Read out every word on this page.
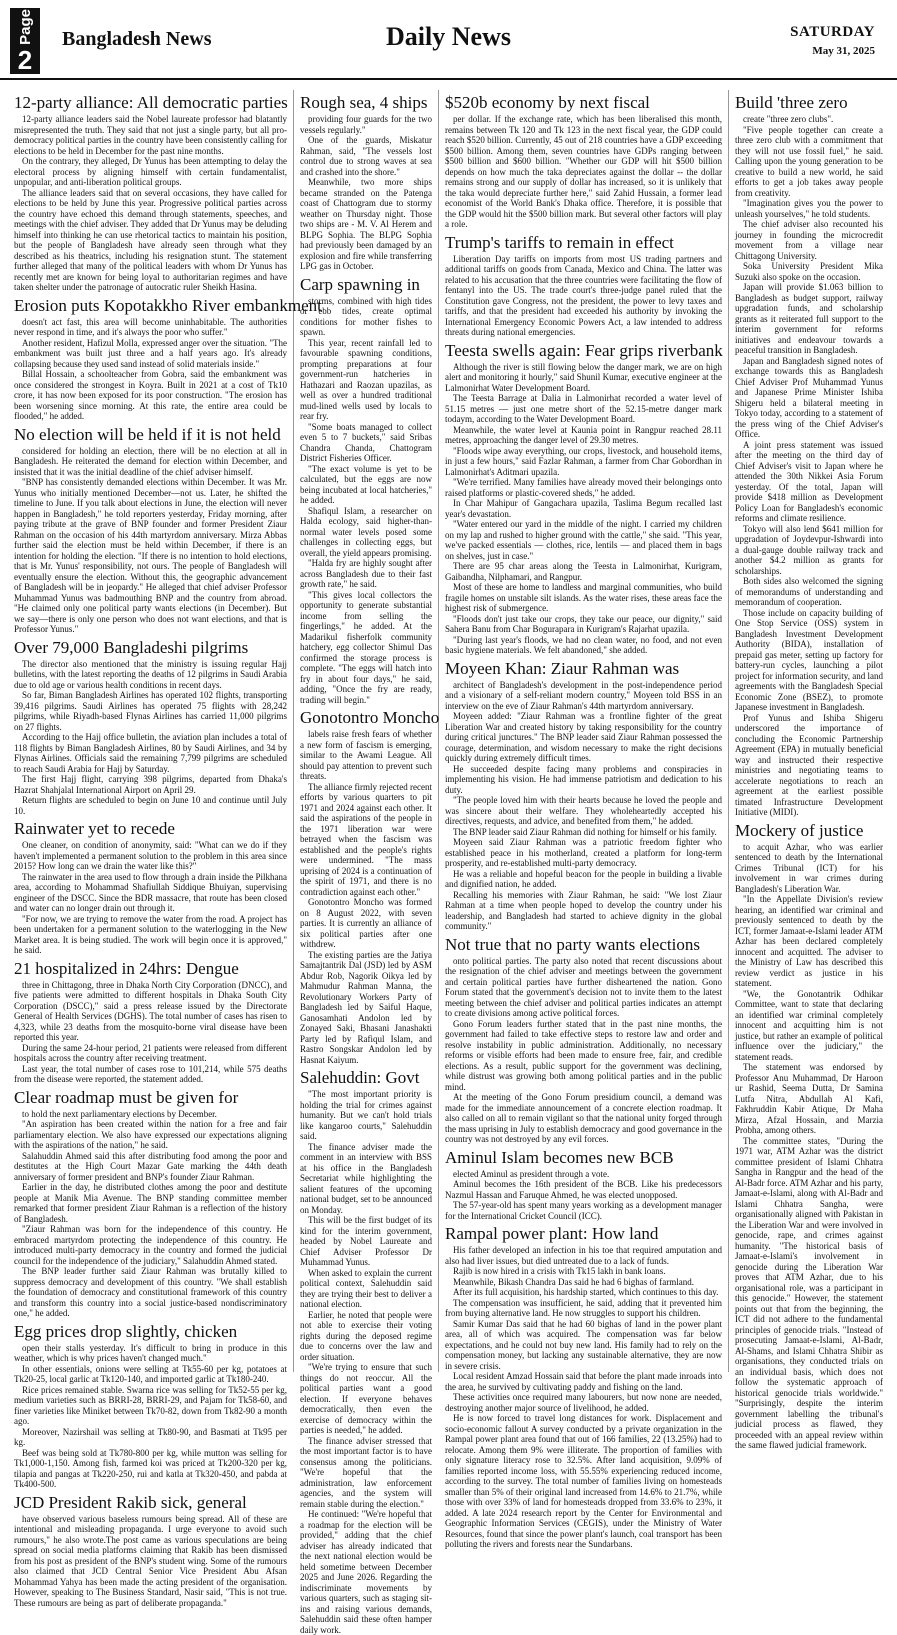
Page
2
Bangladesh News	Daily News	SATURDAY
May 31, 2025
12-party alliance: All democratic parties

12-party alliance leaders said the Nobel laureate professor had blatantly misrepresented the truth. They said that not just a single party, but all pro-democracy political parties in the country have been consistently calling for elections to be held in December for the past nine months.

On the contrary, they alleged, Dr Yunus has been attempting to delay the electoral process by aligning himself with certain fundamentalist, unpopular, and anti-liberation political groups.

The alliance leaders said that on several occasions, they have called for elections to be held by June this year. Progressive political parties across the country have echoed this demand through statements, speeches, and meetings with the chief adviser. They added that Dr Yunus may be deluding himself into thinking he can use rhetorical tactics to maintain his position, but the people of Bangladesh have already seen through what they described as his theatrics, including his resignation stunt. The statement further alleged that many of the political leaders with whom Dr Yunus has recently met are known for being loyal to authoritarian regimes and have taken shelter under the patronage of autocratic ruler Sheikh Hasina.

Erosion puts Kopotakkho River embankment

doesn't act fast, this area will become uninhabitable. The authorities never respond in time, and it's always the poor who suffer."

Another resident, Hafizul Molla, expressed anger over the situation. "The embankment was built just three and a half years ago. It's already collapsing because they used sand instead of solid materials inside."

Billal Hossain, a schoolteacher from Gobra, said the embankment was once considered the strongest in Koyra. Built in 2021 at a cost of Tk10 crore, it has now been exposed for its poor construction. "The erosion has been worsening since morning. At this rate, the entire area could be flooded," he added.

No election will be held if it is not held

considered for holding an election, there will be no election at all in Bangladesh. He reiterated the demand for election within December, and insisted that it was the initial deadline of the chief adviser himself.

"BNP has consistently demanded elections within December. It was Mr. Yunus who initially mentioned December—not us. Later, he shifted the timeline to June. If you talk about elections in June, the election will never happen in Bangladesh," he told reporters yesterday, Friday morning, after paying tribute at the grave of BNP founder and former President Ziaur Rahman on the occasion of his 44th martyrdom anniversary. Mirza Abbas further said the election must be held within December, if there is an intention for holding the election. "If there is no intention to hold elections, that is Mr. Yunus' responsibility, not ours. The people of Bangladesh will eventually ensure the election. Without this, the geographic advancement of Bangladesh will be in jeopardy." He alleged that chief adviser Professor Muhammad Yunus was badmouthing BNP and the country from abroad. "He claimed only one political party wants elections (in December). But we say—there is only one person who does not want elections, and that is Professor Yunus."

Over 79,000 Bangladeshi pilgrims

The director also mentioned that the ministry is issuing regular Hajj bulletins, with the latest reporting the deaths of 12 pilgrims in Saudi Arabia due to old age or various health conditions in recent days.

So far, Biman Bangladesh Airlines has operated 102 flights, transporting 39,416 pilgrims. Saudi Airlines has operated 75 flights with 28,242 pilgrims, while Riyadh-based Flynas Airlines has carried 11,000 pilgrims on 27 flights.

According to the Hajj office bulletin, the aviation plan includes a total of 118 flights by Biman Bangladesh Airlines, 80 by Saudi Airlines, and 34 by Flynas Airlines. Officials said the remaining 7,799 pilgrims are scheduled to reach Saudi Arabia for Hajj by Saturday.

The first Hajj flight, carrying 398 pilgrims, departed from Dhaka's Hazrat Shahjalal International Airport on April 29.

Return flights are scheduled to begin on June 10 and continue until July 10.

Rainwater yet to recede

One cleaner, on condition of anonymity, said: "What can we do if they haven't implemented a permanent solution to the problem in this area since 2015? How long can we drain the water like this?"

The rainwater in the area used to flow through a drain inside the Pilkhana area, according to Mohammad Shafiullah Siddique Bhuiyan, supervising engineer of the DSCC. Since the BDR massacre, that route has been closed and water can no longer drain out through it.

"For now, we are trying to remove the water from the road. A project has been undertaken for a permanent solution to the waterlogging in the New Market area. It is being studied. The work will begin once it is approved," he said.

21 hospitalized in 24hrs: Dengue

three in Chittagong, three in Dhaka North City Corporation (DNCC), and five patients were admitted to different hospitals in Dhaka South City Corporation (DSCC)," said a press release issued by the Directorate General of Health Services (DGHS). The total number of cases has risen to 4,323, while 23 deaths from the mosquito-borne viral disease have been reported this year.

During the same 24-hour period, 21 patients were released from different hospitals across the country after receiving treatment.

Last year, the total number of cases rose to 101,214, while 575 deaths from the disease were reported, the statement added.

Clear roadmap must be given for

to hold the next parliamentary elections by December.

"An aspiration has been created within the nation for a free and fair parliamentary election. We also have expressed our expectations aligning with the aspirations of the nation," he said.

Salahuddin Ahmed said this after distributing food among the poor and destitutes at the High Court Mazar Gate marking the 44th death anniversary of former president and BNP's founder Ziaur Rahman.

Earlier in the day, he distributed clothes among the poor and destitute people at Manik Mia Avenue. The BNP standing committee member remarked that former president Ziaur Rahman is a reflection of the history of Bangladesh.

"Ziaur Rahman was born for the independence of this country. He embraced martyrdom protecting the independence of this country. He introduced multi-party democracy in the country and formed the judicial council for the independence of the judiciary," Salahuddin Ahmed stated.

The BNP leader further said Ziaur Rahman was brutally killed to suppress democracy and development of this country. "We shall establish the foundation of democracy and constitutional framework of this country and transform this country into a social justice-based nondiscriminatory one," he added.

Egg prices drop slightly, chicken

open their stalls yesterday. It's difficult to bring in produce in this weather, which is why prices haven't changed much."

In other essentials, onions were selling at Tk55-60 per kg, potatoes at Tk20-25, local garlic at Tk120-140, and imported garlic at Tk180-240.

Rice prices remained stable. Swarna rice was selling for Tk52-55 per kg, medium varieties such as BRRI-28, BRRI-29, and Pajam for Tk58-60, and finer varieties like Miniket between Tk70-82, down from Tk82-90 a month ago.

Moreover, Nazirshail was selling at Tk80-90, and Basmati at Tk95 per kg.

Beef was being sold at Tk780-800 per kg, while mutton was selling for Tk1,000-1,150. Among fish, farmed koi was priced at Tk200-320 per kg, tilapia and pangas at Tk220-250, rui and katla at Tk320-450, and pabda at Tk400-500.

JCD President Rakib sick, general

have observed various baseless rumours being spread. All of these are intentional and misleading propaganda. I urge everyone to avoid such rumours," he also wrote.The post came as various speculations are being spread on social media platforms claiming that Rakib has been dismissed from his post as president of the BNP's student wing. Some of the rumours also claimed that JCD Central Senior Vice President Abu Afsan Mohammad Yahya has been made the acting president of the organisation. However, speaking to The Business Standard, Nasir said, "This is not true. These rumours are being as part of deliberate propaganda."

Rough sea, 4 ships

providing four guards for the two vessels regularly."

One of the guards, Miskatur Rahman, said, "The vessels lost control due to strong waves at sea and crashed into the shore."

Meanwhile, two more ships became stranded on the Patenga coast of Chattogram due to stormy weather on Thursday night. Those two ships are - M. V. Al Herem and BLPG Sophia. The BLPG Sophia had previously been damaged by an explosion and fire while transferring LPG gas in October.

Carp spawning in

storms, combined with high tides or ebb tides, create optimal conditions for mother fishes to spawn.

This year, recent rainfall led to favourable spawning conditions, prompting preparations at four government-run hatcheries in Hathazari and Raozan upazilas, as well as over a hundred traditional mud-lined wells used by locals to rear fry.

"Some boats managed to collect even 5 to 7 buckets," said Sribas Chandra Chanda, Chattogram District Fisheries Officer.

"The exact volume is yet to be calculated, but the eggs are now being incubated at local hatcheries," he added.

Shafiqul Islam, a researcher on Halda ecology, said higher-than-normal water levels posed some challenges in collecting eggs, but overall, the yield appears promising.

"Halda fry are highly sought after across Bangladesh due to their fast growth rate," he said.

"This gives local collectors the opportunity to generate substantial income from selling the fingerlings," he added. At the Madarikul fisherfolk community hatchery, egg collector Shimul Das confirmed the storage process is complete. "The eggs will hatch into fry in about four days," he said, adding, "Once the fry are ready, trading will begin."

Gonotontro Moncho

labels raise fresh fears of whether a new form of fascism is emerging, similar to the Awami League. All should pay attention to prevent such threats.

The alliance firmly rejected recent efforts by various quarters to pit 1971 and 2024 against each other. It said the aspirations of the people in the 1971 liberation war were betrayed when the fascism was established and the people's rights were undermined. "The mass uprising of 2024 is a continuation of the spirit of 1971, and there is no contradiction against each other."

Gonotontro Moncho was formed on 8 August 2022, with seven parties. It is currently an alliance of six political parties after one withdrew.

The existing parties are the Jatiya Samajtantrik Dal (JSD) led by ASM Abdur Rob, Nagorik Oikya led by Mahmudur Rahman Manna, the Revolutionary Workers Party of Bangladesh led by Saiful Haque, Ganosamhati Andolon led by Zonayed Saki, Bhasani Janashakti Party led by Rafiqul Islam, and Rastro Songskar Andolon led by Hasnat Kaiyum.

Salehuddin: Govt

"The most important priority is holding the trial for crimes against humanity. But we can't hold trials like kangaroo courts," Salehuddin said.

The finance adviser made the comment in an interview with BSS at his office in the Bangladesh Secretariat while highlighting the salient features of the upcoming national budget, set to be announced on Monday.

This will be the first budget of its kind for the interim government, headed by Nobel Laureate and Chief Adviser Professor Dr Muhammad Yunus.

When asked to explain the current political context, Salehuddin said they are trying their best to deliver a national election.

Earlier, he noted that people were not able to exercise their voting rights during the deposed regime due to concerns over the law and order situation.

"We're trying to ensure that such things do not reoccur. All the political parties want a good election. If everyone behaves democratically, then even the exercise of democracy within the parties is needed," he added.

The finance adviser stressed that the most important factor is to have consensus among the politicians. "We're hopeful that the administration, law enforcement agencies, and the system will remain stable during the election."

He continued: "We're hopeful that a roadmap for the election will be provided," adding that the chief adviser has already indicated that the next national election would be held sometime between December 2025 and June 2026. Regarding the indiscriminate movements by various quarters, such as staging sit-ins and raising various demands, Salehuddin said these often hamper daily work.

$520b economy by next fiscal

per dollar. If the exchange rate, which has been liberalised this month, remains between Tk 120 and Tk 123 in the next fiscal year, the GDP could reach $520 billion. Currently, 45 out of 218 countries have a GDP exceeding $500 billion. Among them, seven countries have GDPs ranging between $500 billion and $600 billion. "Whether our GDP will hit $500 billion depends on how much the taka depreciates against the dollar -- the dollar remains strong and our supply of dollar has increased, so it is unlikely that the taka would depreciate further here," said Zahid Hussain, a former lead economist of the World Bank's Dhaka office. Therefore, it is possible that the GDP would hit the $500 billion mark. But several other factors will play a role.

Trump's tariffs to remain in effect

Liberation Day tariffs on imports from most US trading partners and additional tariffs on goods from Canada, Mexico and China. The latter was related to his accusation that the three countries were facilitating the flow of fentanyl into the US. The trade court's three-judge panel ruled that the Constitution gave Congress, not the president, the power to levy taxes and tariffs, and that the president had exceeded his authority by invoking the International Emergency Economic Powers Act, a law intended to address threats during national emergencies.

Teesta swells again: Fear grips riverbank

Although the river is still flowing below the danger mark, we are on high alert and monitoring it hourly," said Shunil Kumar, executive engineer at the Lalmonirhat Water Development Board.

The Teesta Barrage at Dalia in Lalmonirhat recorded a water level of 51.15 metres — just one metre short of the 52.15-metre danger mark todaym, according to the Water Development Board.

Meanwhile, the water level at Kaunia point in Rangpur reached 28.11 metres, approaching the danger level of 29.30 metres.

"Floods wipe away everything, our crops, livestock, and household items, in just a few hours," said Fazlar Rahman, a farmer from Char Gobordhan in Lalmonirhat's Aditmari upazila.

"We're terrified. Many families have already moved their belongings onto raised platforms or plastic-covered sheds," he added.

In Char Mahipur of Gangachara upazila, Taslima Begum recalled last year's devastation.

"Water entered our yard in the middle of the night. I carried my children on my lap and rushed to higher ground with the cattle," she said. "This year, we've packed essentials — clothes, rice, lentils — and placed them in bags on shelves, just in case."

There are 95 char areas along the Teesta in Lalmonirhat, Kurigram, Gaibandha, Nilphamari, and Rangpur.

Most of these are home to landless and marginal communities, who build fragile homes on unstable silt islands. As the water rises, these areas face the highest risk of submergence.

"Floods don't just take our crops, they take our peace, our dignity," said Sahera Banu from Char Bogurapara in Kurigram's Rajarhat upazila.

"During last year's floods, we had no clean water, no food, and not even basic hygiene materials. We felt abandoned," she added.

Moyeen Khan: Ziaur Rahman was

architect of Bangladesh's development in the post-independence period and a visionary of a self-reliant modern country," Moyeen told BSS in an interview on the eve of Ziaur Rahman's 44th martyrdom anniversary.

Moyeen added: "Ziaur Rahman was a frontline fighter of the great Liberation War and created history by taking responsibility for the country during critical junctures." The BNP leader said Ziaur Rahman possessed the courage, determination, and wisdom necessary to make the right decisions quickly during extremely difficult times.

He succeeded despite facing many problems and conspiracies in implementing his vision. He had immense patriotism and dedication to his duty.

"The people loved him with their hearts because he loved the people and was sincere about their welfare. They wholeheartedly accepted his directives, requests, and advice, and benefited from them," he added.

The BNP leader said Ziaur Rahman did nothing for himself or his family.

Moyeen said Ziaur Rahman was a patriotic freedom fighter who established peace in his motherland, created a platform for long-term prosperity, and re-established multi-party democracy.

He was a reliable and hopeful beacon for the people in building a livable and dignified nation, he added.

Recalling his memories with Ziaur Rahman, he said: "We lost Ziaur Rahman at a time when people hoped to develop the country under his leadership, and Bangladesh had started to achieve dignity in the global community."

Not true that no party wants elections

onto political parties. The party also noted that recent discussions about the resignation of the chief adviser and meetings between the government and certain political parties have further disheartened the nation. Gono Forum stated that the government's decision not to invite them to the latest meeting between the chief adviser and political parties indicates an attempt to create divisions among active political forces.

Gono Forum leaders further stated that in the past nine months, the government had failed to take effective steps to restore law and order and resolve instability in public administration. Additionally, no necessary reforms or visible efforts had been made to ensure free, fair, and credible elections. As a result, public support for the government was declining, while distrust was growing both among political parties and in the public mind.

At the meeting of the Gono Forum presidium council, a demand was made for the immediate announcement of a concrete election roadmap. It also called on all to remain vigilant so that the national unity forged through the mass uprising in July to establish democracy and good governance in the country was not destroyed by any evil forces.

Aminul Islam becomes new BCB

elected Aminul as president through a vote.

Aminul becomes the 16th president of the BCB. Like his predecessors Nazmul Hassan and Faruque Ahmed, he was elected unopposed.

The 57-year-old has spent many years working as a development manager for the International Cricket Council (ICC).

Rampal power plant: How land

His father developed an infection in his toe that required amputation and also had liver issues, but died untreated due to a lack of funds.

Rajib is now hired in a crisis with Tk15 lakh in bank loans.

Meanwhile, Bikash Chandra Das said he had 6 bighas of farmland.

After its full acquisition, his hardship started, which continues to this day.

The compensation was insufficient, he said, adding that it prevented him from buying alternative land. He now struggles to support his children.

Samir Kumar Das said that he had 60 bighas of land in the power plant area, all of which was acquired. The compensation was far below expectations, and he could not buy new land. His family had to rely on the compensation money, but lacking any sustainable alternative, they are now in severe crisis.

Local resident Amzad Hossain said that before the plant made inroads into the area, he survived by cultivating paddy and fishing on the land.

These activities once required many labourers, but now none are needed, destroying another major source of livelihood, he added.

He is now forced to travel long distances for work. Displacement and socio-economic fallout A survey conducted by a private organization in the Rampal power plant area found that out of 166 families, 22 (13.25%) had to relocate. Among them 9% were illiterate. The proportion of families with only signature literacy rose to 32.5%. After land acquisition, 9.09% of families reported income loss, with 55.55% experiencing reduced income, according to the survey. The total number of families living on homesteads smaller than 5% of their original land increased from 14.6% to 21.7%, while those with over 33% of land for homesteads dropped from 33.6% to 23%, it added. A late 2024 research report by the Center for Environmental and Geographic Information Services (CEGIS), under the Ministry of Water Resources, found that since the power plant's launch, coal transport has been polluting the rivers and forests near the Sundarbans.

Build 'three zero

create "three zero clubs".

"Five people together can create a three zero club with a commitment that they will not use fossil fuel," he said. Calling upon the young generation to be creative to build a new world, he said efforts to get a job takes away people from creativity.

"Imagination gives you the power to unleash yourselves," he told students.

The chief adviser also recounted his journey in founding the microcredit movement from a village near Chittagong University.

Soka University President Mika Suzuki also spoke on the occasion.

Japan will provide $1.063 billion to Bangladesh as budget support, railway upgradation funds, and scholarship grants as it reiterated full support to the interim government for reforms initiatives and endeavour towards a peaceful transition in Bangladesh.

Japan and Bangladesh signed notes of exchange towards this as Bangladesh Chief Adviser Prof Muhammad Yunus and Japanese Prime Minister Ishiba Shigeru held a bilateral meeting in Tokyo today, according to a statement of the press wing of the Chief Adviser's Office.

A joint press statement was issued after the meeting on the third day of Chief Adviser's visit to Japan where he attended the 30th Nikkei Asia Forum yesterday. Of the total, Japan will provide $418 million as Development Policy Loan for Bangladesh's economic reforms and climate resilience.

Tokyo will also lend $641 million for upgradation of Joydevpur-Ishwardi into a dual-gauge double railway track and another $4.2 million as grants for scholarships.

Both sides also welcomed the signing of memorandums of understanding and memorandum of cooperation.

Those include on capacity building of One Stop Service (OSS) system in Bangladesh Investment Development Authority (BIDA), installation of prepaid gas meter, setting up factory for battery-run cycles, launching a pilot project for information security, and land agreements with the Bangladesh Special Economic Zone (BSEZ), to promote Japanese investment in Bangladesh.

Prof Yunus and Ishiba Shigeru underscored the importance of concluding the Economic Partnership Agreement (EPA) in mutually beneficial way and instructed their respective ministries and negotiating teams to accelerate negotiations to reach an agreement at the earliest possible timated Infrastructure Development Initiative (MIDI).

Mockery of justice

to acquit Azhar, who was earlier sentenced to death by the International Crimes Tribunal (ICT) for his involvement in war crimes during Bangladesh's Liberation War.

"In the Appellate Division's review hearing, an identified war criminal and previously sentenced to death by the ICT, former Jamaat-e-Islami leader ATM Azhar has been declared completely innocent and acquitted. The adviser to the Ministry of Law has described this review verdict as justice in his statement.

"We, the Gonotantrik Odhikar Committee, want to state that declaring an identified war criminal completely innocent and acquitting him is not justice, but rather an example of political influence over the judiciary," the statement reads.

The statement was endorsed by Professor Anu Muhammad, Dr Haroon ur Rashid, Seema Dutta, Dr Samina Lutfa Nitra, Abdullah Al Kafi, Fakhruddin Kabir Atique, Dr Maha Mirza, Afzal Hossain, and Marzia Probha, among others.

The committee states, "During the 1971 war, ATM Azhar was the district committee president of Islami Chhatra Sangha in Rangpur and the head of the Al-Badr force. ATM Azhar and his party, Jamaat-e-Islami, along with Al-Badr and Islami Chhatra Sangha, were organisationally aligned with Pakistan in the Liberation War and were involved in genocide, rape, and crimes against humanity. "The historical basis of Jamaat-e-Islami's involvement in genocide during the Liberation War proves that ATM Azhar, due to his organisational role, was a participant in this genocide." However, the statement points out that from the beginning, the ICT did not adhere to the fundamental principles of genocide trials. "Instead of prosecuting Jamaat-e-Islami, Al-Badr, Al-Shams, and Islami Chhatra Shibir as organisations, they conducted trials on an individual basis, which does not follow the systematic approach of historical genocide trials worldwide." "Surprisingly, despite the interim government labelling the tribunal's judicial process as flawed, they proceeded with an appeal review within the same flawed judicial framework.
